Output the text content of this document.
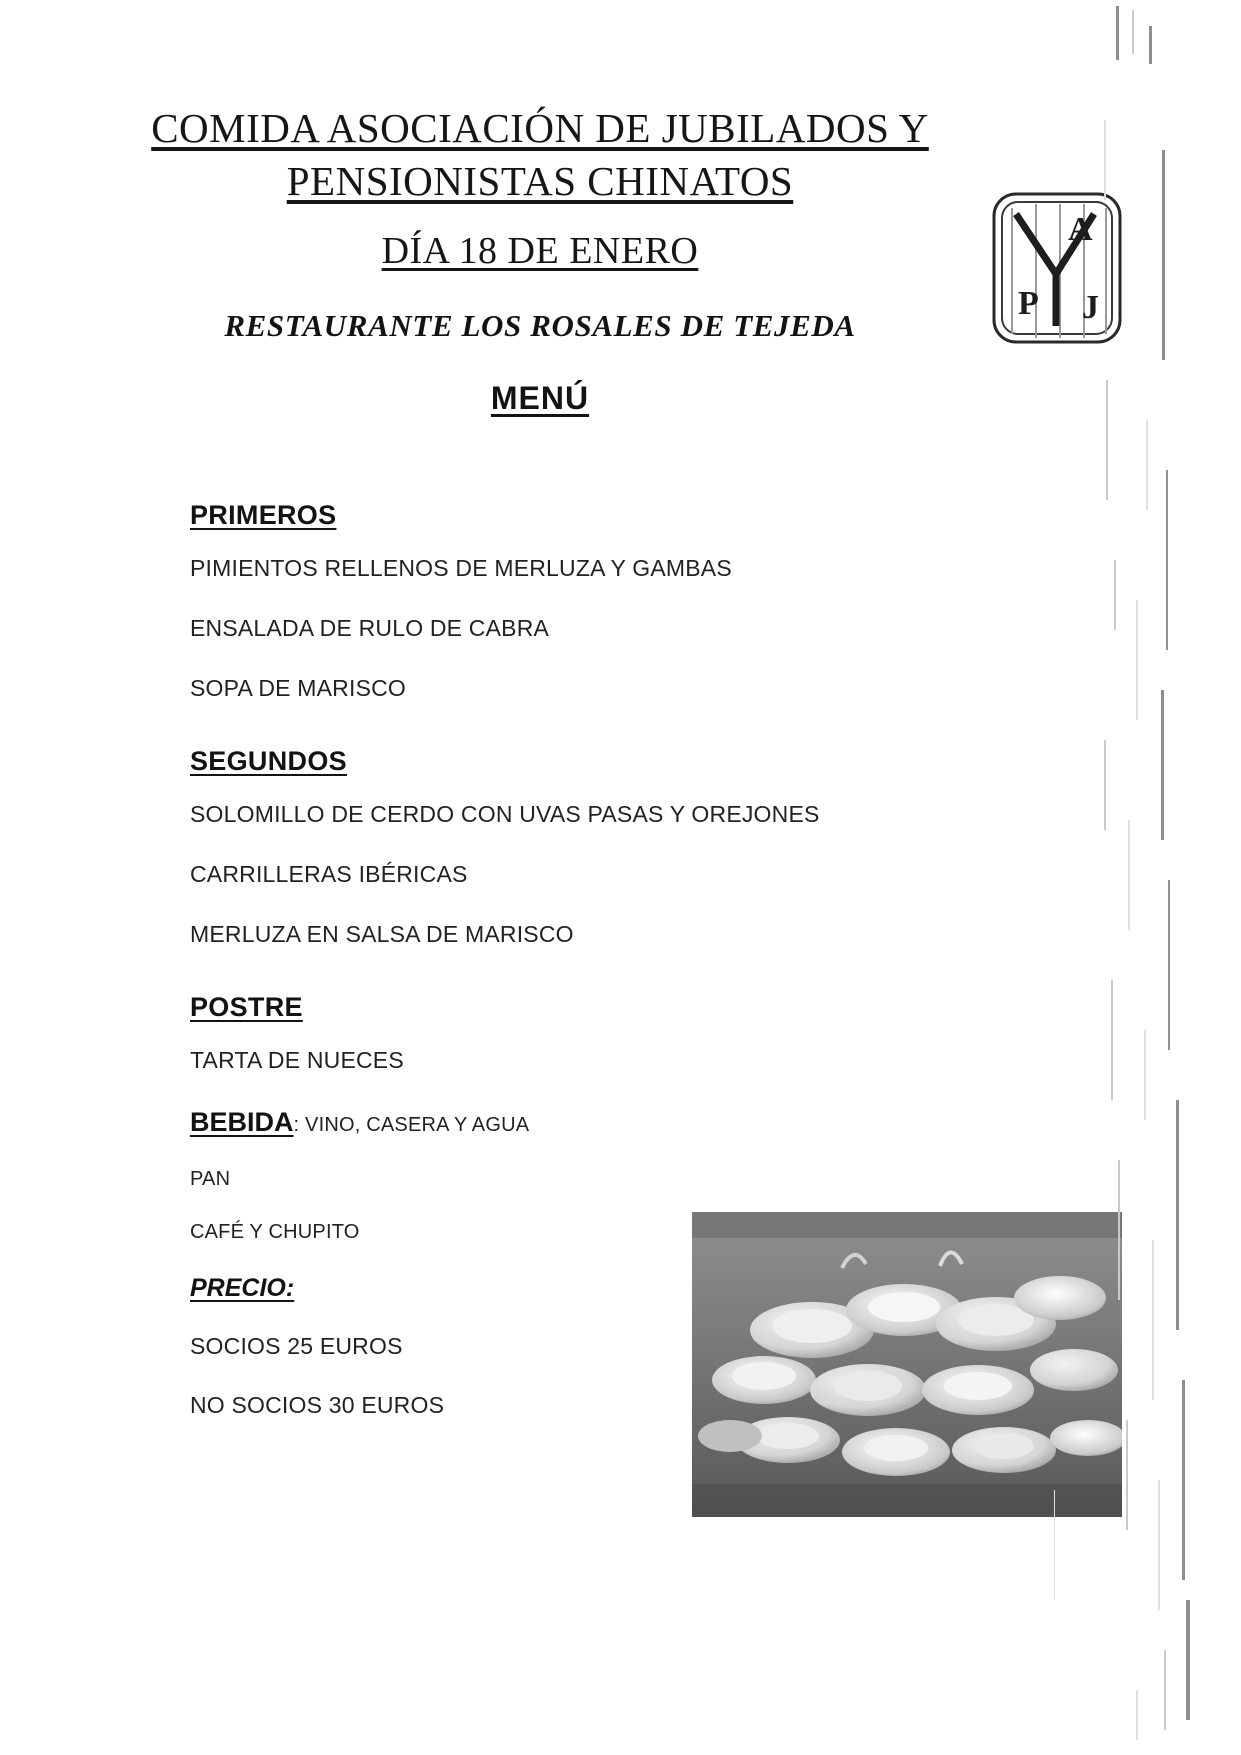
COMIDA ASOCIACIÓN DE JUBILADOS Y
PENSIONISTAS CHINATOS
DÍA 18 DE ENERO
RESTAURANTE LOS ROSALES DE TEJEDA
MENÚ
A
P J
PRIMEROS
PIMIENTOS RELLENOS DE MERLUZA Y GAMBAS
ENSALADA DE RULO DE CABRA
SOPA DE MARISCO
SEGUNDOS
SOLOMILLO DE CERDO CON UVAS PASAS Y OREJONES
CARRILLERAS IBÉRICAS
MERLUZA EN SALSA DE MARISCO
POSTRE
TARTA DE NUECES
BEBIDA: VINO, CASERA Y AGUA
PAN
CAFÉ Y CHUPITO
PRECIO:
SOCIOS 25 EUROS
NO SOCIOS 30 EUROS
